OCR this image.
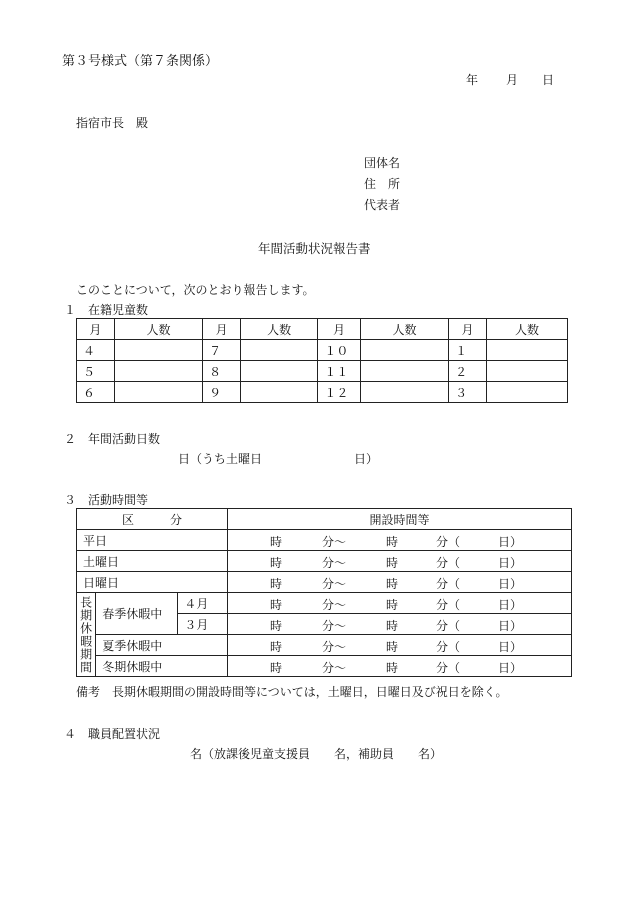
第３号様式（第７条関係）
年 月 日
指宿市長　殿
団体名
住　所
代表者
年間活動状況報告書
このことについて，次のとおり報告します。
１　在籍児童数
月	人数	月	人数	月	人数	月	人数
４		７		１０		１	
５		８		１１		２	
６		９		１２		３	
２　年間活動日数
日（うち土曜日	日）
３　活動時間等
区　　　分			開設時間等
平日			時 分～ 時 分（ 日）

土曜日			時 分～ 時 分（ 日）

日曜日			時 分～ 時 分（ 日）

長期休暇期間	春季休暇中	４月	時 分～ 時 分（ 日）

		３月	時 分～ 時 分（ 日）

	夏季休暇中		時 分～ 時 分（ 日）

	冬期休暇中		時 分～ 時 分（ 日）
備考　長期休暇期間の開設時間等については，土曜日，日曜日及び祝日を除く。
４　職員配置状況
名（放課後児童支援員　　名，補助員　　名）
